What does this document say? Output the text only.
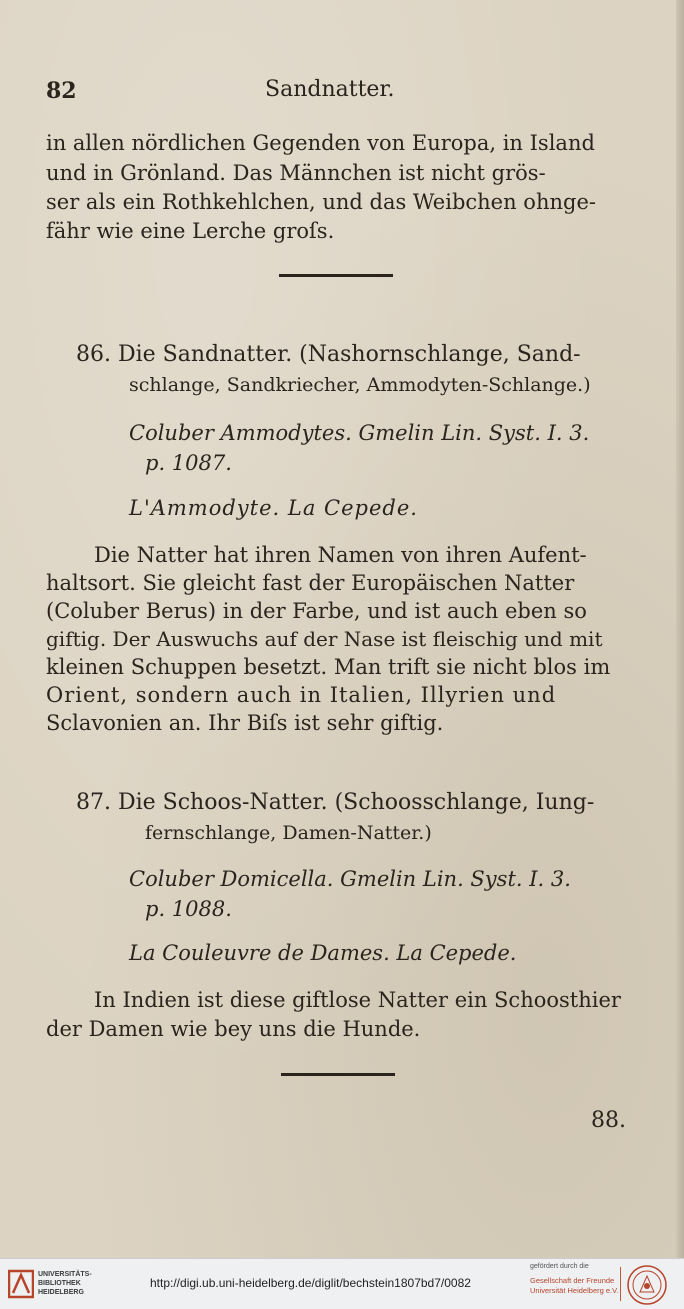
82	Sandnatter.
in allen nördlichen Gegenden von Europa, in Island
und in Grönland. Das Männchen ist nicht grös-
ser als ein Rothkehlchen, und das Weibchen ohnge-
fähr wie eine Lerche groſs.
86. Die Sandnatter. (Nashornschlange, Sand-
schlange, Sandkriecher, Ammodyten-Schlange.)
Coluber Ammodytes. Gmelin Lin. Syst. I. 3.
p. 1087.
L'Ammodyte. La Cepede.
Die Natter hat ihren Namen von ihren Aufent-
haltsort. Sie gleicht fast der Europäischen Natter
(Coluber Berus) in der Farbe, und ist auch eben so
giftig. Der Auswuchs auf der Nase ist fleischig und mit
kleinen Schuppen besetzt. Man trift sie nicht blos im
Orient, sondern auch in Italien, Illyrien und
Sclavonien an. Ihr Biſs ist sehr giftig.
87. Die Schoos-Natter. (Schoosschlange, Iung-
fernschlange, Damen-Natter.)
Coluber Domicella. Gmelin Lin. Syst. I. 3.
p. 1088.
La Couleuvre de Dames. La Cepede.
In Indien ist diese giftlose Natter ein Schoosthier
der Damen wie bey uns die Hunde.
88.
UNIVERSITÄTS-
BIBLIOTHEK
HEIDELBERG
http://digi.ub.uni-heidelberg.de/diglit/bechstein1807bd7/0082
gefördert durch die
Gesellschaft der Freunde
Universität Heidelberg e.V.
